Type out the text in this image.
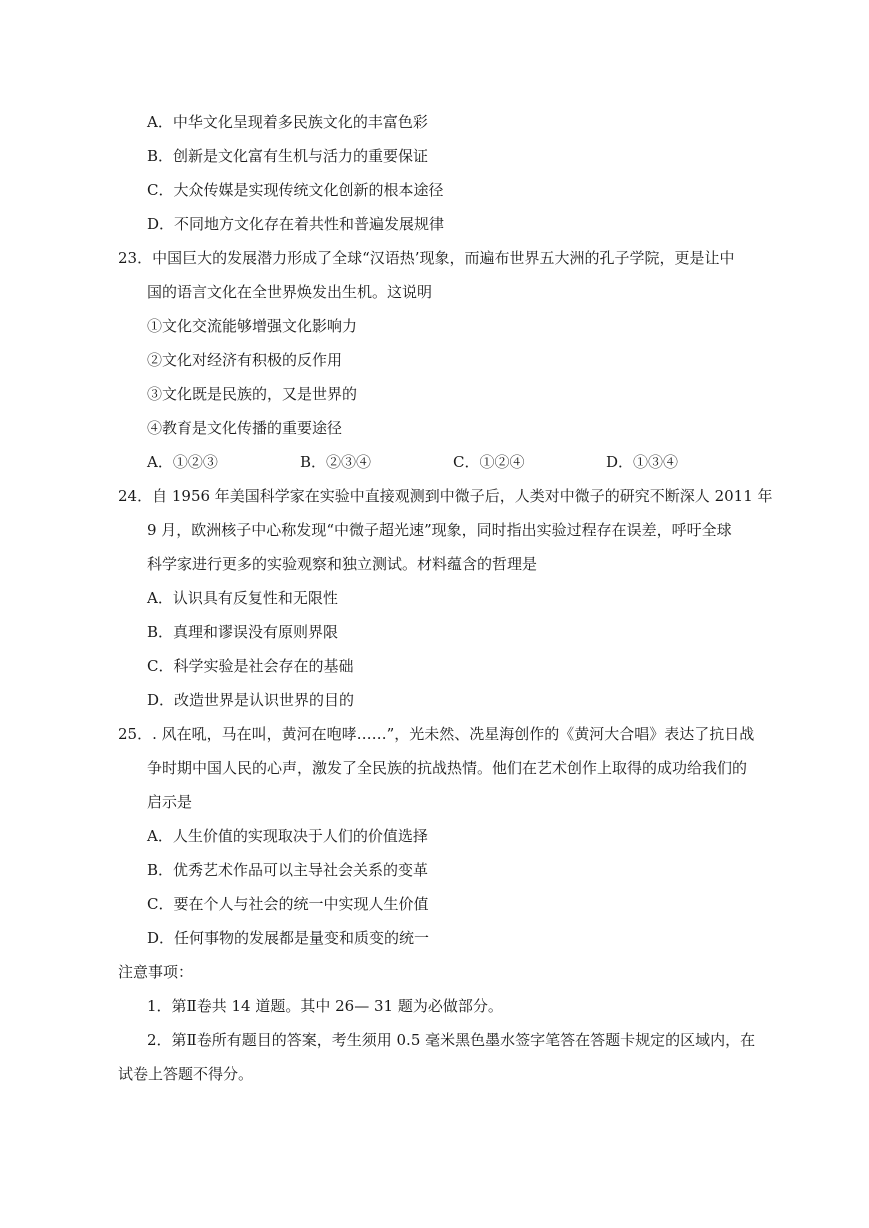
A．中华文化呈现着多民族文化的丰富色彩
B．创新是文化富有生机与活力的重要保证
C．大众传媒是实现传统文化创新的根本途径
D．不同地方文化存在着共性和普遍发展规律
23．中国巨大的发展潜力形成了全球“汉语热’现象，而遍布世界五大洲的孔子学院，更是让中
国的语言文化在全世界焕发出生机。这说明
①文化交流能够增强文化影响力
②文化对经济有积极的反作用
③文化既是民族的，又是世界的
④教育是文化传播的重要途径
A．①②③	B．②③④	C．①②④	D．①③④
24．自 1956 年美国科学家在实验中直接观测到中微子后，人类对中微子的研究不断深人 2011 年
9 月，欧洲核子中心称发现“中微子超光速”现象，同时指出实验过程存在误差，呼吁全球
科学家进行更多的实验观察和独立测试。材料蕴含的哲理是
A．认识具有反复性和无限性
B．真理和谬误没有原则界限
C．科学实验是社会存在的基础
D．改造世界是认识世界的目的
25．. 风在吼，马在叫，黄河在咆哮……”，光未然、冼星海创作的《黄河大合唱》表达了抗日战
争时期中国人民的心声，激发了全民族的抗战热情。他们在艺术创作上取得的成功给我们的
启示是
A．人生价值的实现取决于人们的价值选择
B．优秀艺术作品可以主导社会关系的变革
C．要在个人与社会的统一中实现人生价值
D．任何事物的发展都是量变和质变的统一
注意事项：
1．第Ⅱ卷共 14 道题。其中 26— 31 题为必做部分。
2．第Ⅱ卷所有题目的答案，考生须用 0.5 毫米黑色墨水签字笔答在答题卡规定的区域内，在
试卷上答题不得分。
